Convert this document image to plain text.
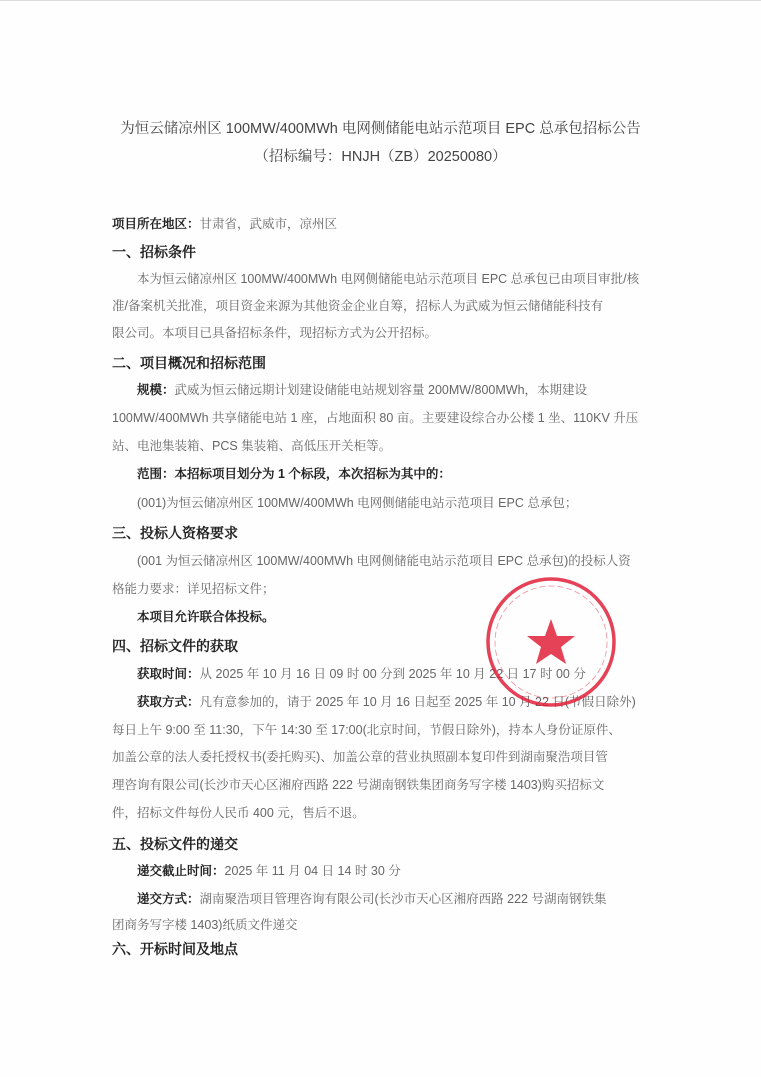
为恒云储凉州区 100MW/400MWh 电网侧储能电站示范项目 EPC 总承包招标公告
（招标编号：HNJH（ZB）20250080）
项目所在地区：甘肃省，武威市，凉州区
一、招标条件
本为恒云储凉州区 100MW/400MWh 电网侧储能电站示范项目 EPC 总承包已由项目审批/核
准/备案机关批准，项目资金来源为其他资金企业自筹，招标人为武威为恒云储储能科技有
限公司。本项目已具备招标条件，现招标方式为公开招标。
二、项目概况和招标范围
规模：武威为恒云储远期计划建设储能电站规划容量 200MW/800MWh，本期建设
100MW/400MWh 共享储能电站 1 座，占地面积 80 亩。主要建设综合办公楼 1 坐、110KV 升压
站、电池集装箱、PCS 集装箱、高低压开关柜等。
范围：本招标项目划分为 1 个标段，本次招标为其中的：
(001)为恒云储凉州区 100MW/400MWh 电网侧储能电站示范项目 EPC 总承包；
三、投标人资格要求
(001 为恒云储凉州区 100MW/400MWh 电网侧储能电站示范项目 EPC 总承包)的投标人资
格能力要求：详见招标文件；
本项目允许联合体投标。
四、招标文件的获取
获取时间：从 2025 年 10 月 16 日 09 时 00 分到 2025 年 10 月 22 日 17 时 00 分
获取方式：凡有意参加的，请于 2025 年 10 月 16 日起至 2025 年 10 月 22 日(节假日除外)
每日上午 9:00 至 11:30，下午 14:30 至 17:00(北京时间，节假日除外)，持本人身份证原件、
加盖公章的法人委托授权书(委托购买)、加盖公章的营业执照副本复印件到湖南聚浩项目管
理咨询有限公司(长沙市天心区湘府西路 222 号湖南钢铁集团商务写字楼 1403)购买招标文
件，招标文件每份人民币 400 元，售后不退。
五、投标文件的递交
递交截止时间：2025 年 11 月 04 日 14 时 30 分
递交方式：湖南聚浩项目管理咨询有限公司(长沙市天心区湘府西路 222 号湖南钢铁集
团商务写字楼 1403)纸质文件递交
六、开标时间及地点
